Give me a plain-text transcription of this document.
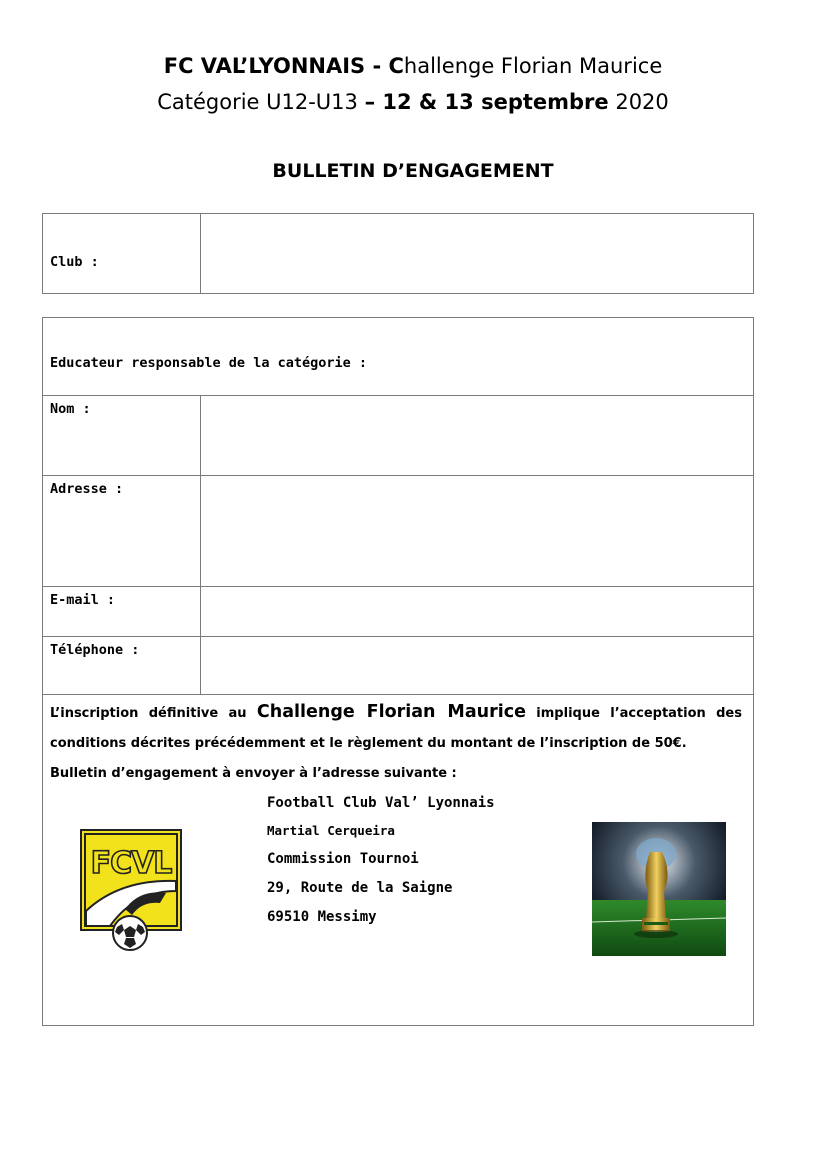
FC VAL’LYONNAIS - Challenge Florian Maurice
Catégorie U12-U13 – 12 & 13 septembre 2020
BULLETIN D’ENGAGEMENT
Club :
Educateur responsable de la catégorie :
Nom :
Adresse :
E-mail :
Téléphone :
L’inscription définitive au Challenge Florian Maurice implique l’acceptation des conditions décrites précédemment et le règlement du montant de l’inscription de 50€.
Bulletin d’engagement à envoyer à l’adresse suivante :
Football Club Val’ Lyonnais
Martial Cerqueira
Commission Tournoi
29, Route de la Saigne
69510 Messimy
FCVL
